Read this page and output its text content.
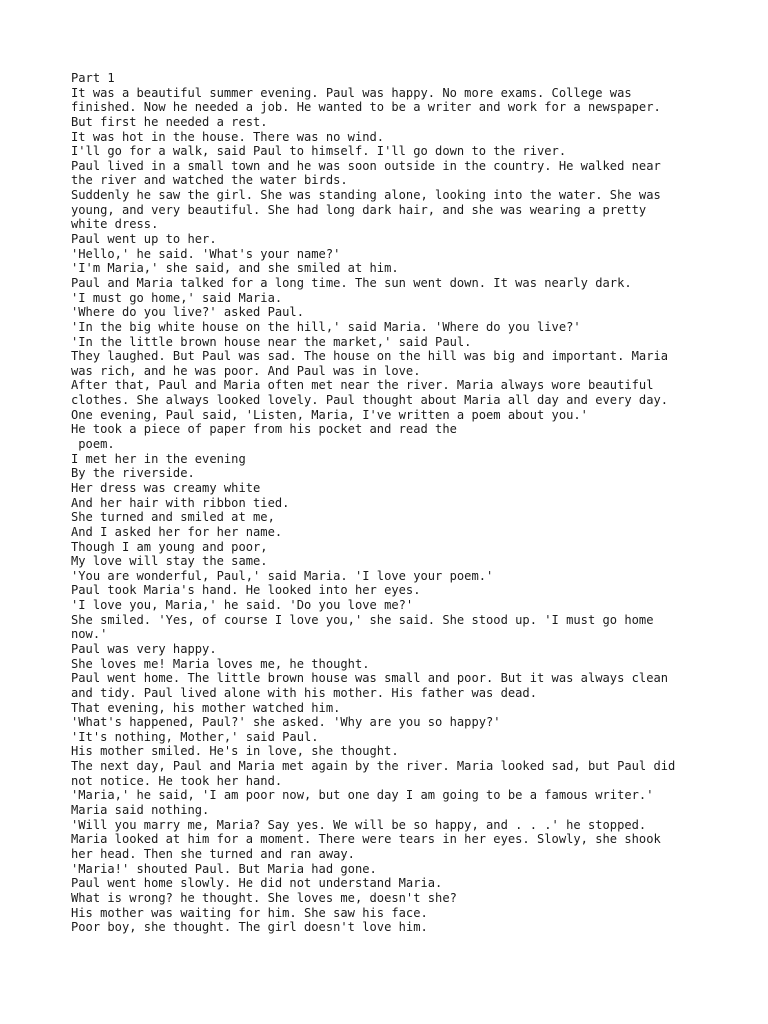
Part 1
It was a beautiful summer evening. Paul was happy. No more exams. College was
finished. Now he needed a job. He wanted to be a writer and work for a newspaper.
But first he needed a rest.
It was hot in the house. There was no wind.
I'll go for a walk, said Paul to himself. I'll go down to the river.
Paul lived in a small town and he was soon outside in the country. He walked near
the river and watched the water birds.
Suddenly he saw the girl. She was standing alone, looking into the water. She was
young, and very beautiful. She had long dark hair, and she was wearing a pretty
white dress.
Paul went up to her.
'Hello,' he said. 'What's your name?'
'I'm Maria,' she said, and she smiled at him.
Paul and Maria talked for a long time. The sun went down. It was nearly dark.
'I must go home,' said Maria.
'Where do you live?' asked Paul.
'In the big white house on the hill,' said Maria. 'Where do you live?'
'In the little brown house near the market,' said Paul.
They laughed. But Paul was sad. The house on the hill was big and important. Maria
was rich, and he was poor. And Paul was in love.
After that, Paul and Maria often met near the river. Maria always wore beautiful
clothes. She always looked lovely. Paul thought about Maria all day and every day.
One evening, Paul said, 'Listen, Maria, I've written a poem about you.'
He took a piece of paper from his pocket and read the
poem.
I met her in the evening
By the riverside.
Her dress was creamy white
And her hair with ribbon tied.
She turned and smiled at me,
And I asked her for her name.
Though I am young and poor,
My love will stay the same.
'You are wonderful, Paul,' said Maria. 'I love your poem.'
Paul took Maria's hand. He looked into her eyes.
'I love you, Maria,' he said. 'Do you love me?'
She smiled. 'Yes, of course I love you,' she said. She stood up. 'I must go home
now.'
Paul was very happy.
She loves me! Maria loves me, he thought.
Paul went home. The little brown house was small and poor. But it was always clean
and tidy. Paul lived alone with his mother. His father was dead.
That evening, his mother watched him.
'What's happened, Paul?' she asked. 'Why are you so happy?'
'It's nothing, Mother,' said Paul.
His mother smiled. He's in love, she thought.
The next day, Paul and Maria met again by the river. Maria looked sad, but Paul did
not notice. He took her hand.
'Maria,' he said, 'I am poor now, but one day I am going to be a famous writer.'
Maria said nothing.
'Will you marry me, Maria? Say yes. We will be so happy, and . . .' he stopped.
Maria looked at him for a moment. There were tears in her eyes. Slowly, she shook
her head. Then she turned and ran away.
'Maria!' shouted Paul. But Maria had gone.
Paul went home slowly. He did not understand Maria.
What is wrong? he thought. She loves me, doesn't she?
His mother was waiting for him. She saw his face.
Poor boy, she thought. The girl doesn't love him.
